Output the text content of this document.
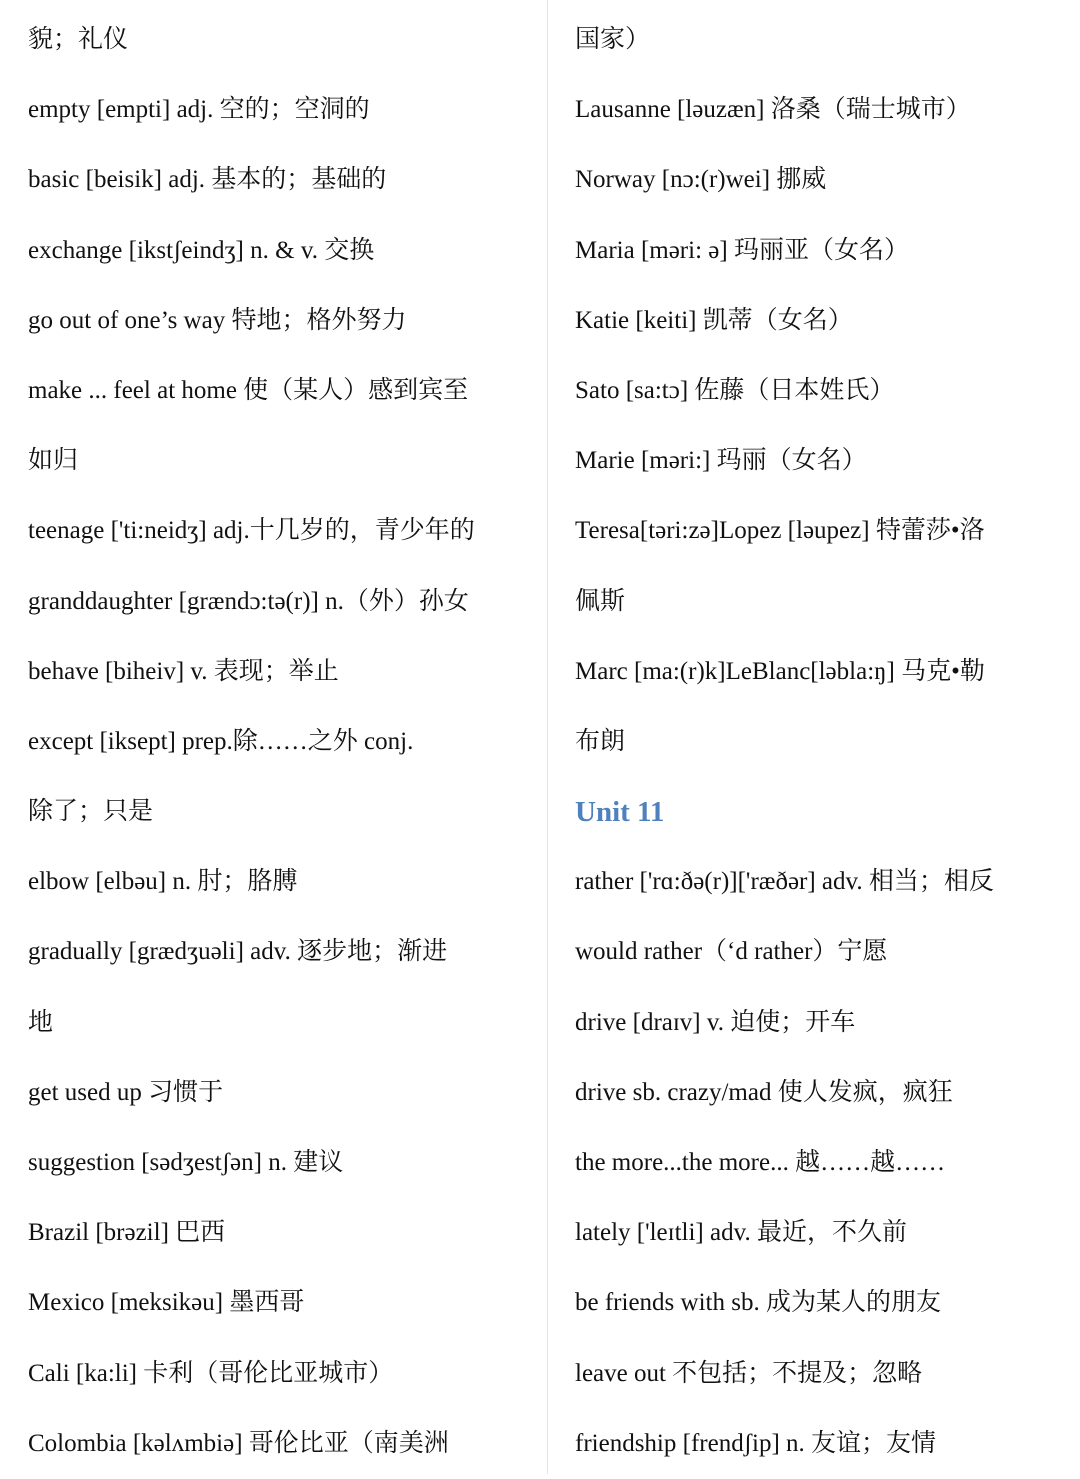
貌；礼仪
empty [empti] adj. 空的；空洞的
basic [beisik] adj. 基本的；基础的
exchange [ikstʃeindʒ] n. & v. 交换
go out of one’s way 特地；格外努力
make ... feel at home 使（某人）感到宾至
如归
teenage ['ti:neidʒ] adj.十几岁的，青少年的
granddaughter [grændɔ:tə(r)] n.（外）孙女
behave [biheiv] v. 表现；举止
except [iksept] prep.除……之外 conj.
除了；只是
elbow [elbəu] n. 肘；胳膊
gradually [grædʒuəli] adv. 逐步地；渐进
地
get used up 习惯于
suggestion [sədʒestʃən] n. 建议
Brazil [brəzil] 巴西
Mexico [meksikəu] 墨西哥
Cali [ka:li] 卡利（哥伦比亚城市）
Colombia [kəlʌmbiə] 哥伦比亚（南美洲
国家）
Lausanne [ləuzæn] 洛桑（瑞士城市）
Norway [nɔ:(r)wei] 挪威
Maria [məri: ə] 玛丽亚（女名）
Katie [keiti] 凯蒂（女名）
Sato [sa:tɔ] 佐藤（日本姓氏）
Marie [məri:] 玛丽（女名）
Teresa[təri:zə]Lopez [ləupez] 特蕾莎•洛
佩斯
Marc [ma:(r)k]LeBlanc[ləbla:ŋ] 马克•勒
布朗
Unit 11
rather ['rɑ:ðə(r)]['ræðər] adv. 相当；相反
would rather（‘d rather）宁愿
drive [draɪv] v. 迫使；开车
drive sb. crazy/mad 使人发疯，疯狂
the more...the more... 越……越……
lately ['leɪtli] adv. 最近，不久前
be friends with sb. 成为某人的朋友
leave out 不包括；不提及；忽略
friendship [frendʃip] n. 友谊；友情
